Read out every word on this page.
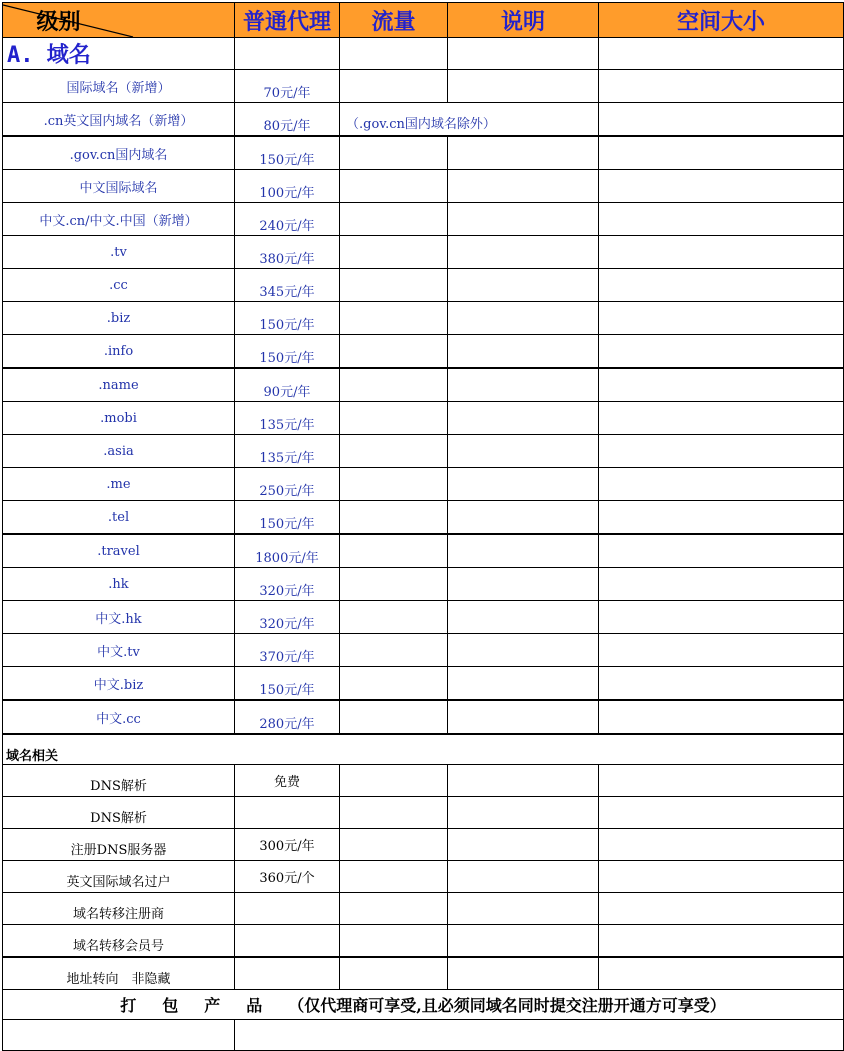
级别	普通代理	流量	说明	空间大小
A. 域名				
国际域名（新增）	70元/年			
.cn英文国内域名（新增）	80元/年	（.gov.cn国内域名除外）		
.gov.cn国内域名	150元/年			
中文国际域名	100元/年			
中文.cn/中文.中国（新增）	240元/年			
.tv	380元/年			
.cc	345元/年			
.biz	150元/年			
.info	150元/年			
.name	90元/年			
.mobi	135元/年			
.asia	135元/年			
.me	250元/年			
.tel	150元/年			
.travel	1800元/年			
.hk	320元/年			
中文.hk	320元/年			
中文.tv	370元/年			
中文.biz	150元/年			
中文.cc	280元/年			
域名相关				
DNS解析	免费			
DNS解析				
注册DNS服务器	300元/年			
英文国际域名过户	360元/个			
域名转移注册商				
域名转移会员号				
地址转向　非隐藏				
打包产品（仅代理商可享受,且必须同域名同时提交注册开通方可享受）				
